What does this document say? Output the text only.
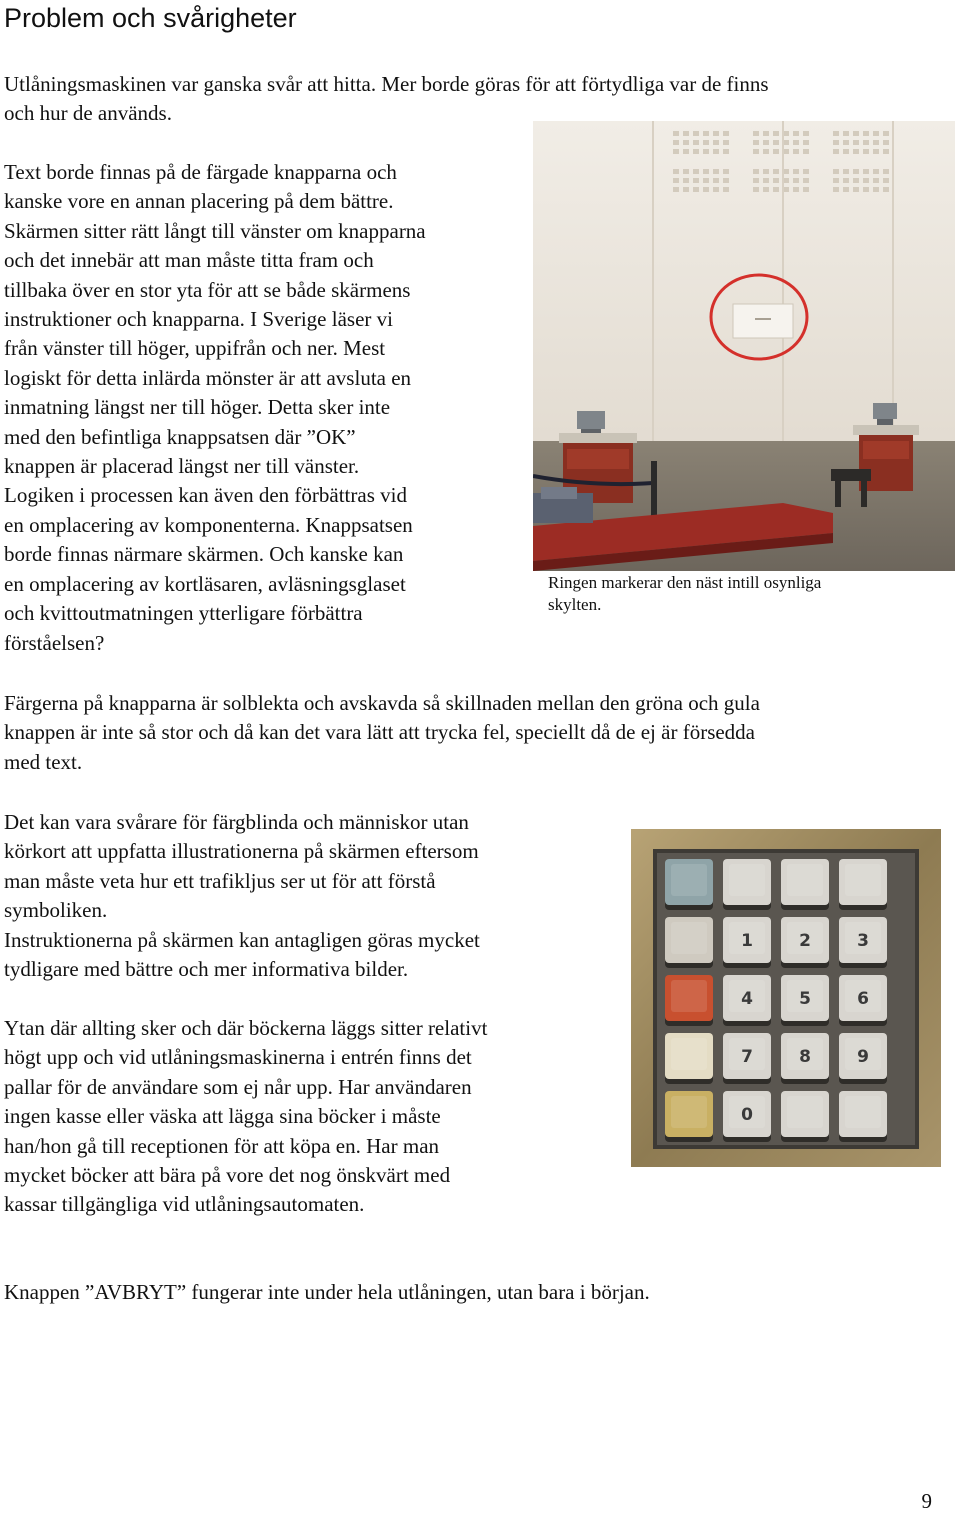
Problem och svårigheter

Utlåningsmaskinen var ganska svår att hitta. Mer borde göras för att förtydliga var de finns
och hur de används.

Text borde finnas på de färgade knapparna och
kanske vore en annan placering på dem bättre.
Skärmen sitter rätt långt till vänster om knapparna
och det innebär att man måste titta fram och
tillbaka över en stor yta för att se både skärmens
instruktioner och knapparna. I Sverige läser vi
från vänster till höger, uppifrån och ner. Mest
logiskt för detta inlärda mönster är att avsluta en
inmatning längst ner till höger. Detta sker inte
med den befintliga knappsatsen där ”OK”
knappen är placerad längst ner till vänster.
Logiken i processen kan även den förbättras vid
en omplacering av komponenterna. Knappsatsen
borde finnas närmare skärmen. Och kanske kan
en omplacering av kortläsaren, avläsningsglaset
och kvittoutmatningen ytterligare förbättra
förståelsen?

Ringen markerar den näst intill osynliga
skylten.

Färgerna på knapparna är solblekta och avskavda så skillnaden mellan den gröna och gula
knappen är inte så stor och då kan det vara lätt att trycka fel, speciellt då de ej är försedda
med text.

Det kan vara svårare för färgblinda och människor utan
körkort att uppfatta illustrationerna på skärmen eftersom
man måste veta hur ett trafikljus ser ut för att förstå
symboliken.
Instruktionerna på skärmen kan antagligen göras mycket
tydligare med bättre och mer informativa bilder.

1	2	3
4	5	6
7	8	9
0

Ytan där allting sker och där böckerna läggs sitter relativt
högt upp och vid utlåningsmaskinerna i entrén finns det
pallar för de användare som ej når upp. Har användaren
ingen kasse eller väska att lägga sina böcker i måste
han/hon gå till receptionen för att köpa en. Har man
mycket böcker att bära på vore det nog önskvärt med
kassar tillgängliga vid utlåningsautomaten.

Knappen ”AVBRYT” fungerar inte under hela utlåningen, utan bara i början.

9
